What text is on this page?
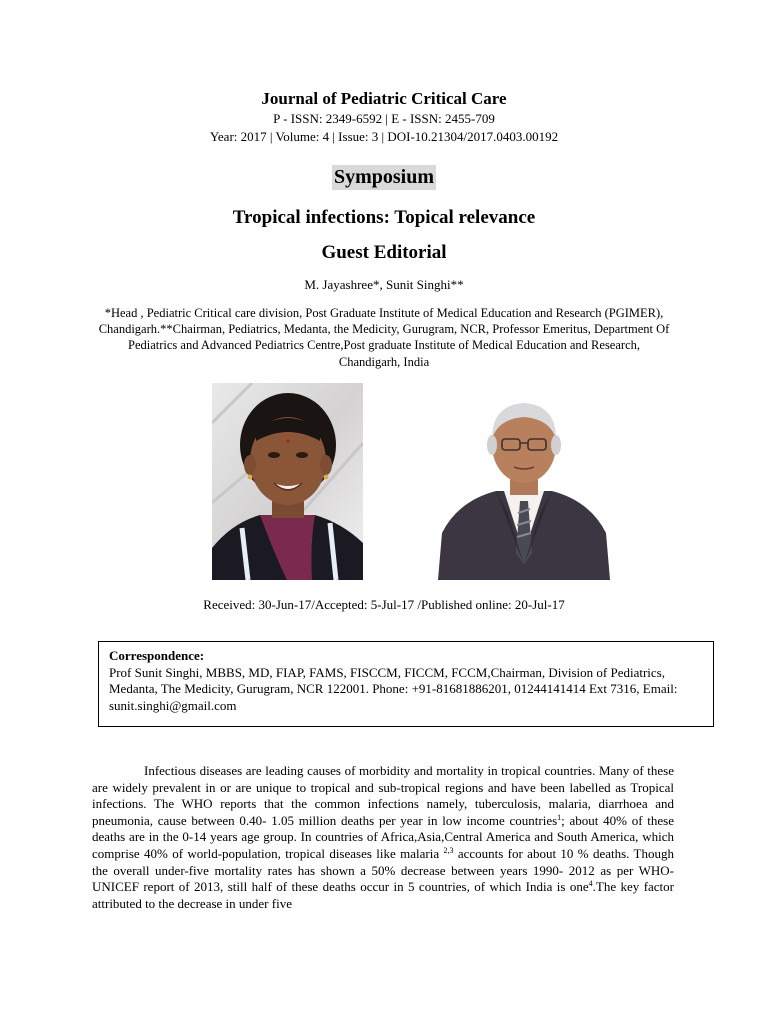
Journal of Pediatric Critical Care
P - ISSN: 2349-6592 | E - ISSN: 2455-709
Year: 2017 | Volume: 4 | Issue: 3 | DOI-10.21304/2017.0403.00192
Symposium
Tropical infections: Topical relevance
Guest Editorial
M. Jayashree*, Sunit Singhi**
*Head , Pediatric Critical care division, Post Graduate Institute of Medical Education and Research (PGIMER), Chandigarh.**Chairman, Pediatrics, Medanta, the Medicity, Gurugram, NCR, Professor Emeritus, Department Of Pediatrics and Advanced Pediatrics Centre,Post graduate Institute of Medical Education and Research, Chandigarh, India
Received: 30-Jun-17/Accepted: 5-Jul-17 /Published online: 20-Jul-17
Correspondence:
Prof Sunit Singhi, MBBS, MD, FIAP, FAMS, FISCCM, FICCM, FCCM,Chairman, Division of Pediatrics, Medanta, The Medicity, Gurugram, NCR 122001. Phone: +91-81681886201, 01244141414 Ext 7316, Email: sunit.singhi@gmail.com

Infectious diseases are leading causes of morbidity and mortality in tropical countries. Many of these are widely prevalent in or are unique to tropical and sub-tropical regions and have been labelled as Tropical infections. The WHO reports that the common infections namely, tuberculosis, malaria, diarrhoea and pneumonia, cause between 0.40- 1.05 million deaths per year in low income countries$^1$; about 40% of these deaths are in the 0-14 years age group. In countries of Africa,Asia,Central America and South America, which comprise 40% of world-population, tropical diseases like malaria $^{2,3}$ accounts for about 10 % deaths. Though the overall under-five mortality rates has shown a 50% decrease between years 1990- 2012 as per WHO-UNICEF report of 2013, still half of these deaths occur in 5 countries, of which India is one$^4$.The key factor attributed to the decrease in under five
